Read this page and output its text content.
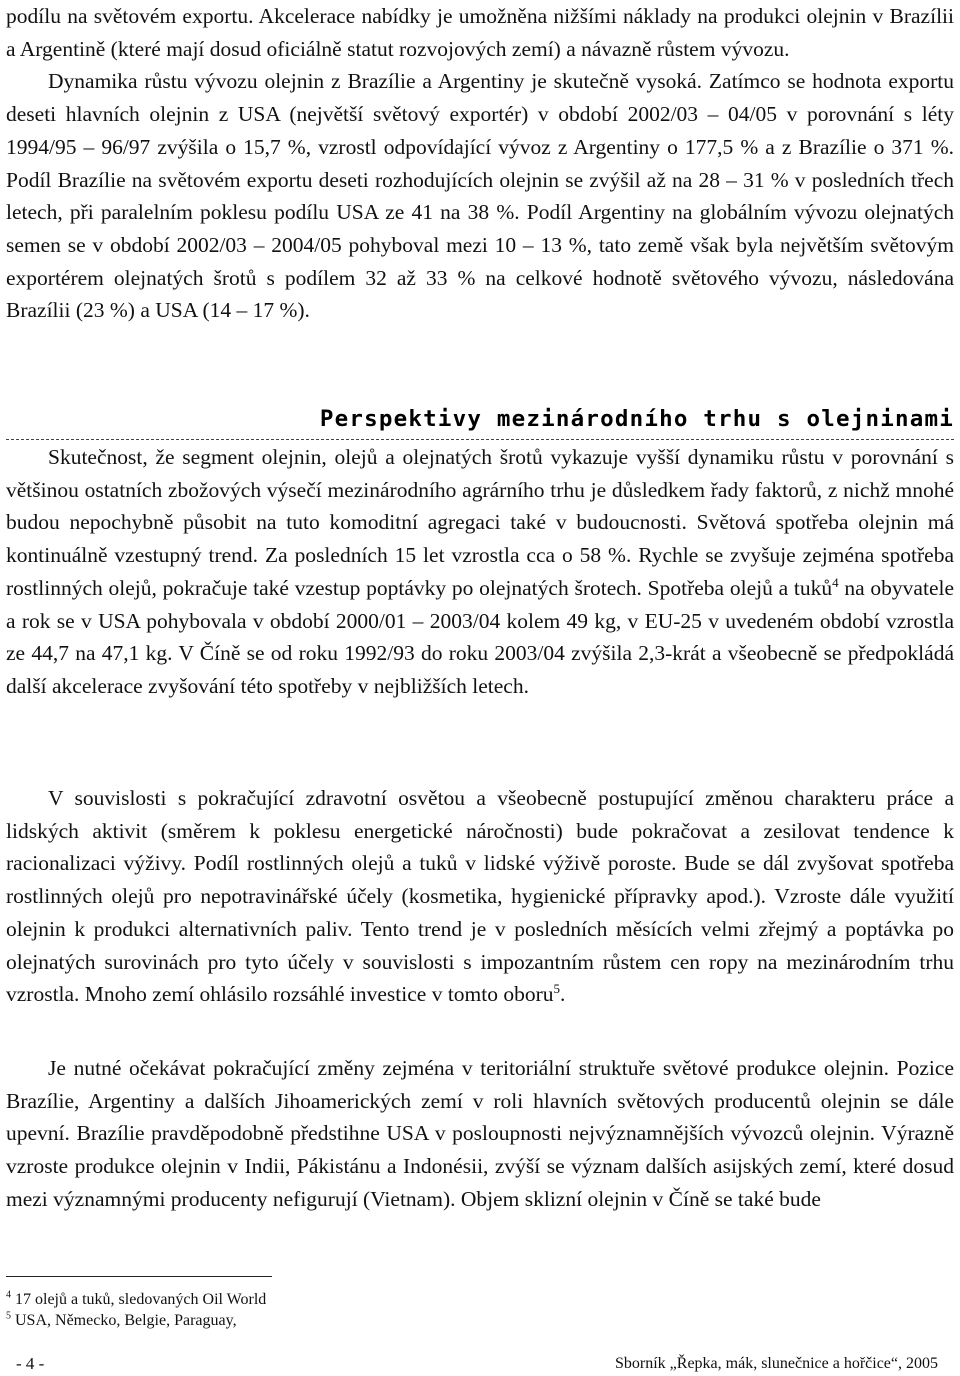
podílu na světovém exportu. Akcelerace nabídky je umožněna nižšími náklady na produkci olejnin v Brazílii a Argentině (které mají dosud oficiálně statut rozvojových zemí) a návazně růstem vývozu.

Dynamika růstu vývozu olejnin z Brazílie a Argentiny je skutečně vysoká. Zatímco se hodnota exportu deseti hlavních olejnin z USA (největší světový exportér) v období 2002/03 – 04/05 v porovnání s léty 1994/95 – 96/97 zvýšila o 15,7 %, vzrostl odpovídající vývoz z Argentiny o 177,5 % a z Brazílie o 371 %. Podíl Brazílie na světovém exportu deseti rozhodujících olejnin se zvýšil až na 28 – 31 % v posledních třech letech, při paralelním poklesu podílu USA ze 41 na 38 %. Podíl Argentiny na globálním vývozu olejnatých semen se v období 2002/03 – 2004/05 pohyboval mezi 10 – 13 %, tato země však byla největším světovým exportérem olejnatých šrotů s podílem 32 až 33 % na celkové hodnotě světového vývozu, následována Brazílii (23 %) a USA (14 – 17 %).

Perspektivy mezinárodního trhu s olejninami

Skutečnost, že segment olejnin, olejů a olejnatých šrotů vykazuje vyšší dynamiku růstu v porovnání s většinou ostatních zbožových výsečí mezinárodního agrárního trhu je důsledkem řady faktorů, z nichž mnohé budou nepochybně působit na tuto komoditní agregaci také v budoucnosti. Světová spotřeba olejnin má kontinuálně vzestupný trend. Za posledních 15 let vzrostla cca o 58 %. Rychle se zvyšuje zejména spotřeba rostlinných olejů, pokračuje také vzestup poptávky po olejnatých šrotech. Spotřeba olejů a tuků$^4$ na obyvatele a rok se v USA pohybovala v období 2000/01 – 2003/04 kolem 49 kg, v EU-25 v uvedeném období vzrostla ze 44,7 na 47,1 kg. V Číně se od roku 1992/93 do roku 2003/04 zvýšila 2,3-krát a všeobecně se předpokládá další akcelerace zvyšování této spotřeby v nejbližších letech.

V souvislosti s pokračující zdravotní osvětou a všeobecně postupující změnou charakteru práce a lidských aktivit (směrem k poklesu energetické náročnosti) bude pokračovat a zesilovat tendence k racionalizaci výživy. Podíl rostlinných olejů a tuků v lidské výživě poroste. Bude se dál zvyšovat spotřeba rostlinných olejů pro nepotravinářské účely (kosmetika, hygienické přípravky apod.). Vzroste dále využití olejnin k produkci alternativních paliv. Tento trend je v posledních měsících velmi zřejmý a poptávka po olejnatých surovinách pro tyto účely v souvislosti s impozantním růstem cen ropy na mezinárodním trhu vzrostla. Mnoho zemí ohlásilo rozsáhlé investice v tomto oboru$^5$.

Je nutné očekávat pokračující změny zejména v teritoriální struktuře světové produkce olejnin. Pozice Brazílie, Argentiny a dalších Jihoamerických zemí v roli hlavních světových producentů olejnin se dále upevní. Brazílie pravděpodobně předstihne USA v posloupnosti nejvýznamnějších vývozců olejnin. Výrazně vzroste produkce olejnin v Indii, Pákistánu a Indonésii, zvýší se význam dalších asijských zemí, které dosud mezi významnými producenty nefigurují (Vietnam). Objem sklizní olejnin v Číně se také bude

$^4$ 17 olejů a tuků, sledovaných Oil World
$^5$ USA, Německo, Belgie, Paraguay,
- 4 -	Sborník „Řepka, mák, slunečnice a hořčice“, 2005
